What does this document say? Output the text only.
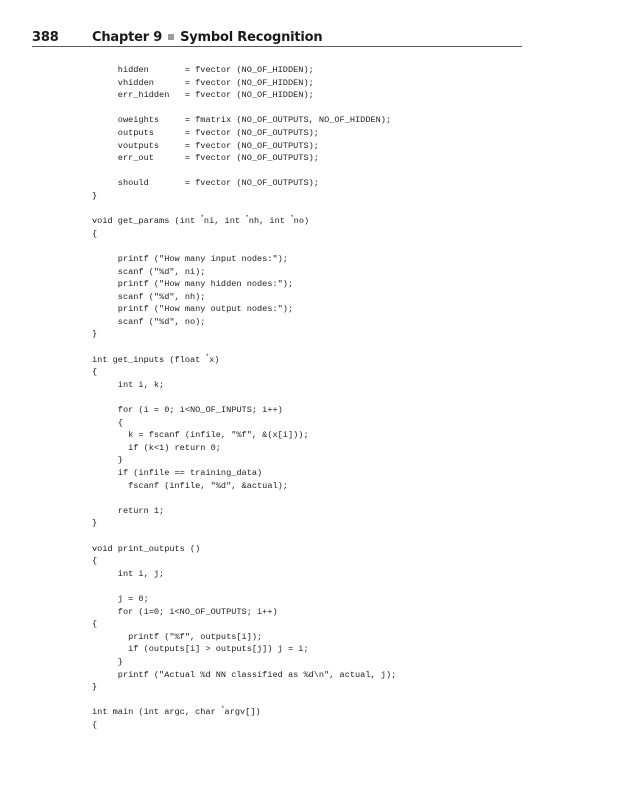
388	Chapter 9 Symbol Recognition
hidden       = fvector (NO_OF_HIDDEN);
vhidden      = fvector (NO_OF_HIDDEN);
err_hidden   = fvector (NO_OF_HIDDEN);
oweights     = fmatrix (NO_OF_OUTPUTS, NO_OF_HIDDEN);
outputs      = fvector (NO_OF_OUTPUTS);
voutputs     = fvector (NO_OF_OUTPUTS);
err_out      = fvector (NO_OF_OUTPUTS);
should       = fvector (NO_OF_OUTPUTS);
}
void get_params (int *ni, int *nh, int *no)
{
printf ("How many input nodes:");
scanf ("%d", ni);
printf ("How many hidden nodes:");
scanf ("%d", nh);
printf ("How many output nodes:");
scanf ("%d", no);
}
int get_inputs (float *x)
{
int i, k;
for (i = 0; i<NO_OF_INPUTS; i++)
{
k = fscanf (infile, "%f", &(x[i]));
if (k<1) return 0;
}
if (infile == training_data)
fscanf (infile, "%d", &actual);
return 1;
}
void print_outputs ()
{
int i, j;
j = 0;
for (i=0; i<NO_OF_OUTPUTS; i++)
{
printf ("%f", outputs[i]);
if (outputs[i] > outputs[j]) j = i;
}
printf ("Actual %d NN classified as %d\n", actual, j);
}
int main (int argc, char *argv[])
{
